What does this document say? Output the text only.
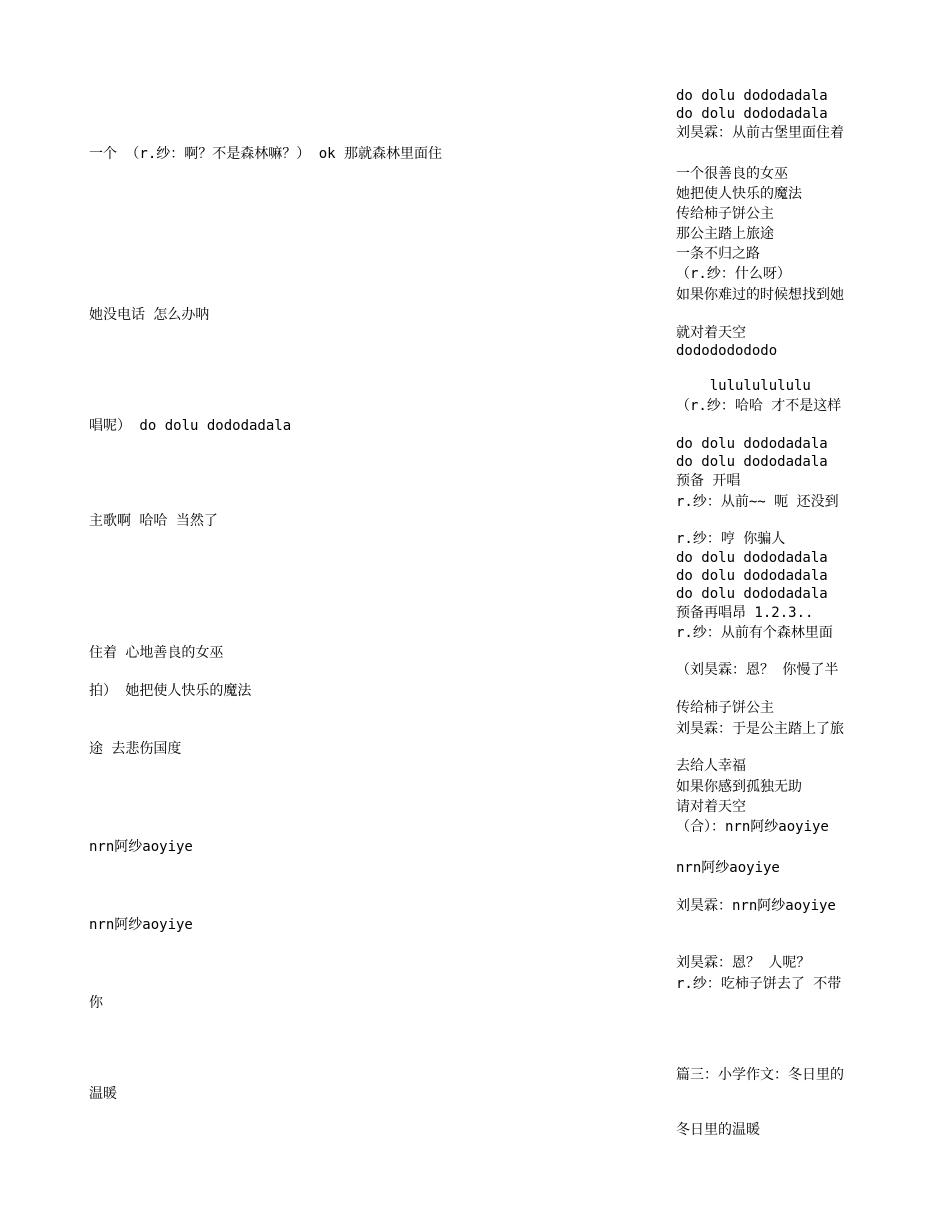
一个 （r.纱：啊？不是森林嘛？） ok 那就森林里面住
她没电话 怎么办呐
唱呢） do dolu dododadala
主歌啊 哈哈 当然了
住着 心地善良的女巫
拍） 她把使人快乐的魔法
途 去悲伤国度
nrn阿纱aoyiye
nrn阿纱aoyiye
你
温暖
do dolu dododadala
do dolu dododadala
刘昊霖：从前古堡里面住着
一个很善良的女巫
她把使人快乐的魔法
传给柿子饼公主
那公主踏上旅途
一条不归之路
（r.纱：什么呀）
如果你难过的时候想找到她
就对着天空
dodododododo
lulululululu
（r.纱：哈哈 才不是这样
do dolu dododadala
do dolu dododadala
预备 开唱
r.纱：从前~~ 呃 还没到
r.纱：哼 你骗人
do dolu dododadala
do dolu dododadala
do dolu dododadala
预备再唱昂 1.2.3..
r.纱：从前有个森林里面
（刘昊霖：恩？ 你慢了半
传给柿子饼公主
刘昊霖：于是公主踏上了旅
去给人幸福
如果你感到孤独无助
请对着天空
（合）：nrn阿纱aoyiye
nrn阿纱aoyiye
刘昊霖：nrn阿纱aoyiye
刘昊霖：恩？ 人呢？
r.纱：吃柿子饼去了 不带
篇三：小学作文：冬日里的
冬日里的温暖
